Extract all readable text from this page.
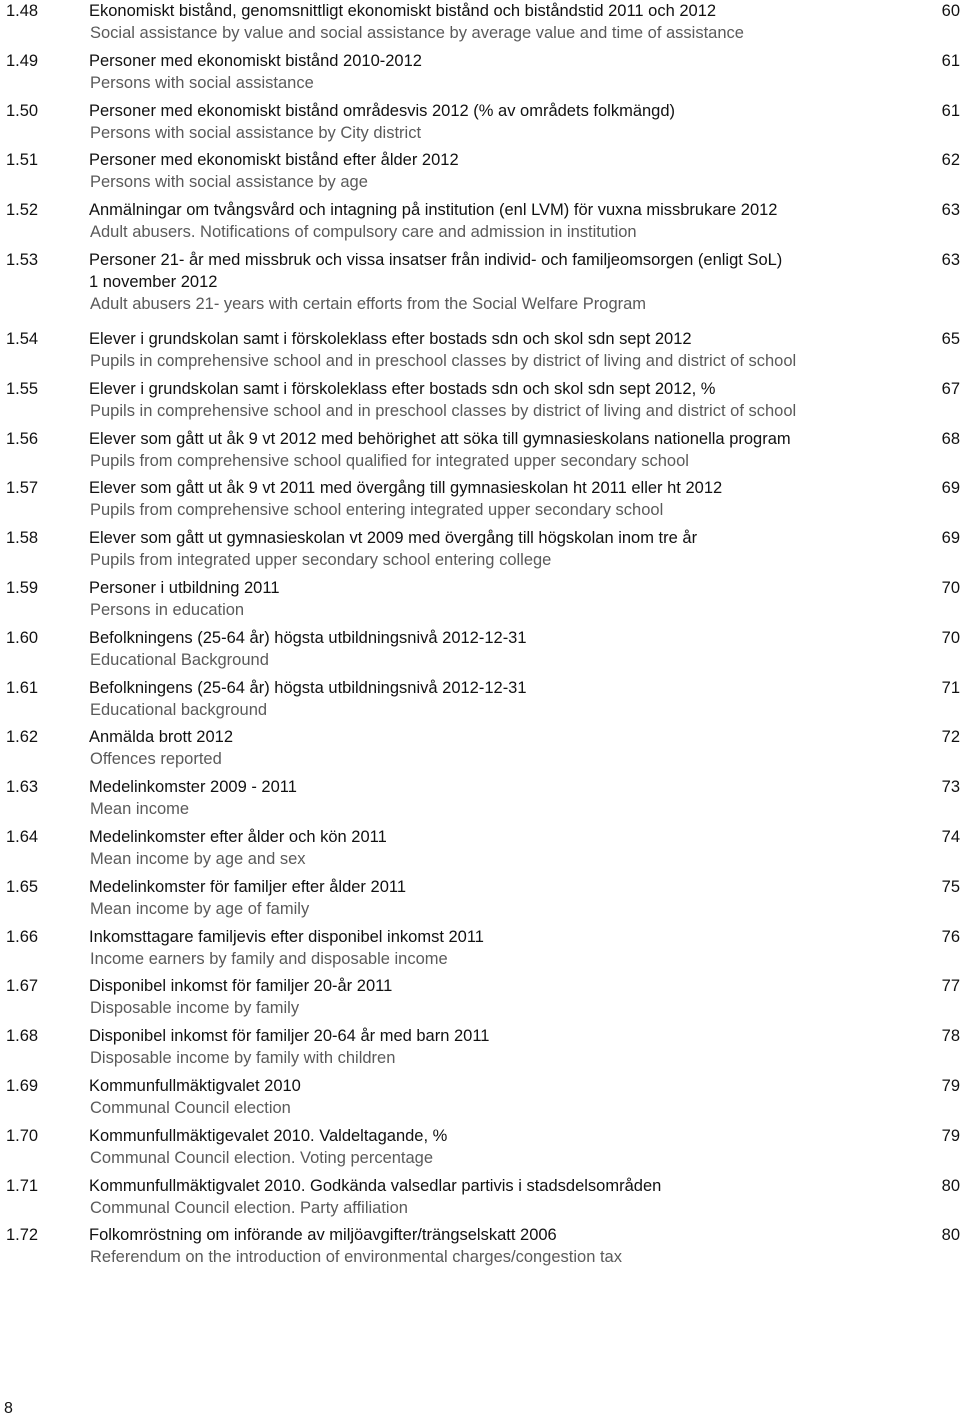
1.48	Ekonomiskt bistånd, genomsnittligt ekonomiskt bistånd och biståndstid 2011 och 2012
Social assistance by value and social assistance by average value and time of assistance
60
1.49	Personer med ekonomiskt bistånd 2010-2012
Persons with social assistance
61
1.50	Personer med ekonomiskt bistånd områdesvis 2012 (% av områdets folkmängd)
Persons with social assistance by City district
61
1.51	Personer med ekonomiskt bistånd efter ålder 2012
Persons with social assistance by age
62
1.52	Anmälningar om tvångsvård och intagning på institution (enl LVM) för vuxna missbrukare 2012
Adult abusers. Notifications of compulsory care and admission in institution
63
1.53	Personer 21- år med missbruk och vissa insatser från individ- och familjeomsorgen (enligt SoL)
1 november 2012
Adult abusers 21- years with certain efforts from the Social Welfare Program
63
1.54	Elever i grundskolan samt i förskoleklass efter bostads sdn och skol sdn sept 2012
Pupils in comprehensive school and in preschool classes by district of living and district of school
65
1.55	Elever i grundskolan samt i förskoleklass efter bostads sdn och skol sdn sept 2012, %
Pupils in comprehensive school and in preschool classes by district of living and district of school
67
1.56	Elever som gått ut åk 9 vt 2012 med behörighet att söka till gymnasieskolans nationella program
Pupils from comprehensive school qualified for integrated upper secondary school
68
1.57	Elever som gått ut åk 9 vt 2011 med övergång till gymnasieskolan ht 2011 eller ht 2012
Pupils from comprehensive school entering integrated upper secondary school
69
1.58	Elever som gått ut gymnasieskolan vt 2009 med övergång till högskolan inom tre år
Pupils from integrated upper secondary school entering college
69
1.59	Personer i utbildning 2011
Persons in education
70
1.60	Befolkningens (25-64 år) högsta utbildningsnivå 2012-12-31
Educational Background
70
1.61	Befolkningens (25-64 år) högsta utbildningsnivå 2012-12-31
Educational background
71
1.62	Anmälda brott 2012
Offences reported
72
1.63	Medelinkomster 2009 - 2011
Mean income
73
1.64	Medelinkomster efter ålder och kön 2011
Mean income by age and sex
74
1.65	Medelinkomster för familjer efter ålder 2011
Mean income by age of family
75
1.66	Inkomsttagare familjevis efter disponibel inkomst 2011
Income earners by family and disposable income
76
1.67	Disponibel inkomst för familjer 20-år 2011
Disposable income by family
77
1.68	Disponibel inkomst för familjer 20-64 år med barn 2011
Disposable income by family with children
78
1.69	Kommunfullmäktigvalet 2010
Communal Council election
79
1.70	Kommunfullmäktigevalet 2010. Valdeltagande, %
Communal Council election. Voting percentage
79
1.71	Kommunfullmäktigvalet 2010. Godkända valsedlar partivis i stadsdelsområden
Communal Council election. Party affiliation
80
1.72	Folkomröstning om införande av miljöavgifter/trängselskatt 2006
Referendum on the introduction of environmental charges/congestion tax
80
8
